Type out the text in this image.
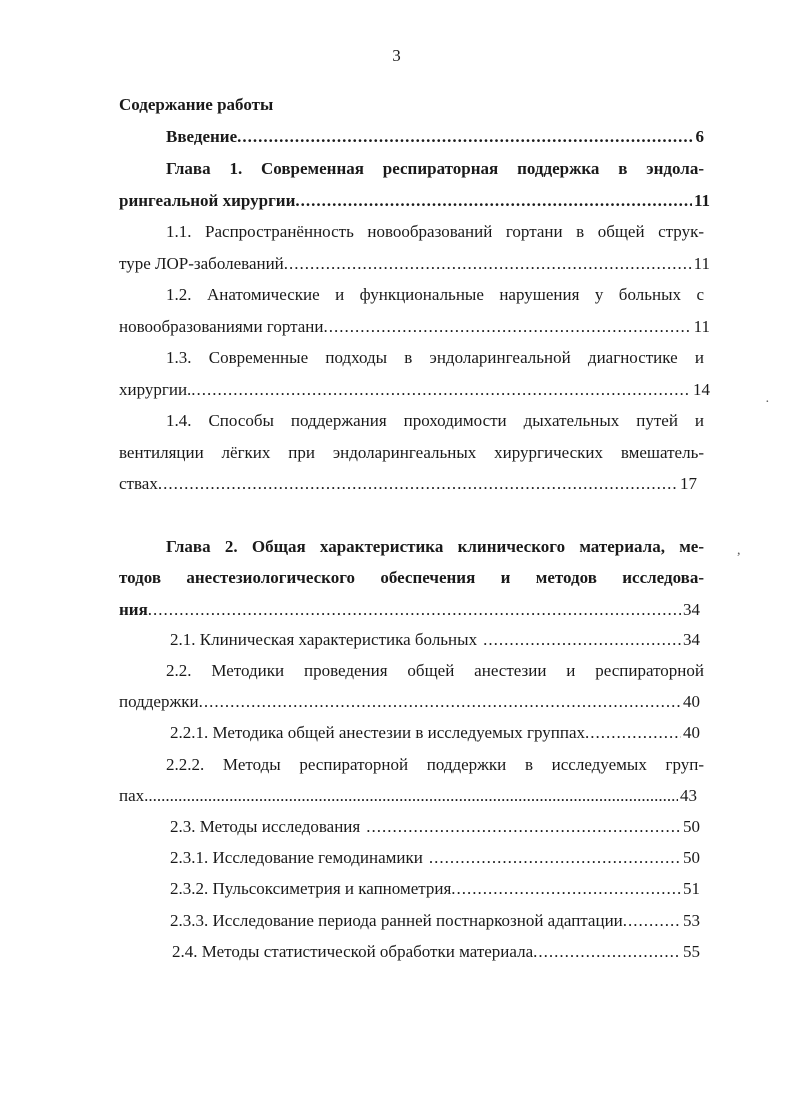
3
Содержание работы
Введение .....	6
Глава 1. Современная респираторная поддержка в эндола-
рингеальной хирургии .....	11
1.1. Распространённость новообразований гортани в общей струк-
туре ЛОР-заболеваний .....	11
1.2. Анатомические и функциональные нарушения у больных с
новообразованиями гортани .....	11
1.3. Современные подходы в эндоларингеальной диагностике и
хирургии. .....	14
1.4. Способы поддержания проходимости дыхательных путей и
вентиляции лёгких при эндоларингеальных хирургических вмешатель-
ствах .....	17
Глава 2. Общая характеристика клинического материала, ме-
тодов анестезиологического обеспечения и методов исследова-
ния .....	34
2.1. Клиническая характеристика больных .....	34
2.2. Методики проведения общей анестезии и респираторной
поддержки .....	40
2.2.1. Методика общей анестезии в исследуемых группах .....	40
2.2.2. Методы респираторной поддержки в исследуемых груп-
пах .....	43
2.3. Методы исследования .....	50
2.3.1. Исследование гемодинамики .....	50
2.3.2. Пульсоксиметрия и капнометрия .....	51
2.3.3. Исследование периода ранней постнаркозной адаптации .....	53
2.4. Методы статистической обработки материала .....	55
·
,
